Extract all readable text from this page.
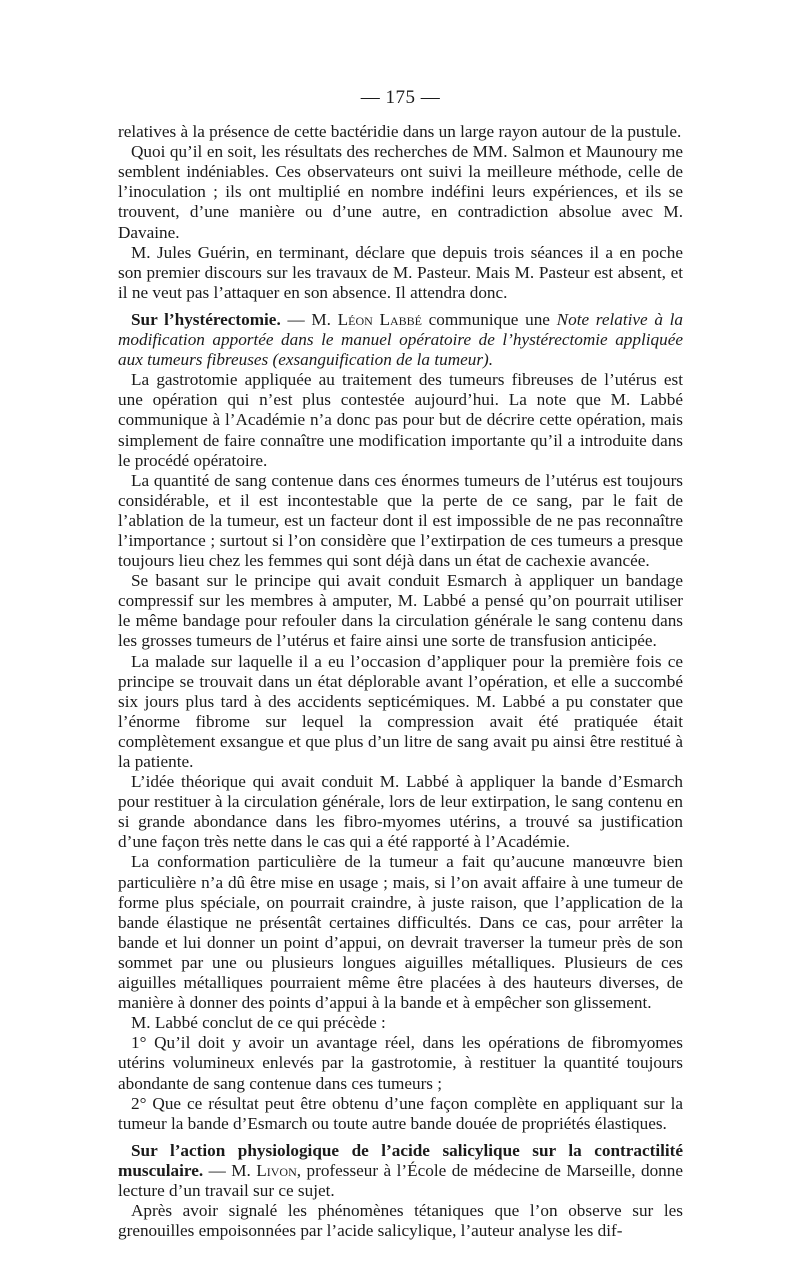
— 175 —

relatives à la présence de cette bactéridie dans un large rayon autour de la pustule.

Quoi qu’il en soit, les résultats des recherches de MM. Salmon et Maunoury me semblent indéniables. Ces observateurs ont suivi la meilleure méthode, celle de l’inoculation ; ils ont multiplié en nombre indéfini leurs expériences, et ils se trouvent, d’une manière ou d’une autre, en contradiction absolue avec M. Davaine.

M. Jules Guérin, en terminant, déclare que depuis trois séances il a en poche son premier discours sur les travaux de M. Pasteur. Mais M. Pasteur est absent, et il ne veut pas l’attaquer en son absence. Il attendra donc.

Sur l’hystérectomie. — M. Léon Labbé communique une Note relative à la modification apportée dans le manuel opératoire de l’hystérectomie appliquée aux tumeurs fibreuses (exsanguification de la tumeur).

La gastrotomie appliquée au traitement des tumeurs fibreuses de l’utérus est une opération qui n’est plus contestée aujourd’hui. La note que M. Labbé communique à l’Académie n’a donc pas pour but de décrire cette opération, mais simplement de faire connaître une modification importante qu’il a introduite dans le procédé opératoire.

La quantité de sang contenue dans ces énormes tumeurs de l’utérus est toujours considérable, et il est incontestable que la perte de ce sang, par le fait de l’ablation de la tumeur, est un facteur dont il est impossible de ne pas reconnaître l’importance ; surtout si l’on considère que l’extirpation de ces tumeurs a presque toujours lieu chez les femmes qui sont déjà dans un état de cachexie avancée.

Se basant sur le principe qui avait conduit Esmarch à appliquer un bandage compressif sur les membres à amputer, M. Labbé a pensé qu’on pourrait utiliser le même bandage pour refouler dans la circulation générale le sang contenu dans les grosses tumeurs de l’utérus et faire ainsi une sorte de transfusion anticipée.

La malade sur laquelle il a eu l’occasion d’appliquer pour la première fois ce principe se trouvait dans un état déplorable avant l’opération, et elle a succombé six jours plus tard à des accidents septicémiques. M. Labbé a pu constater que l’énorme fibrome sur lequel la compression avait été pratiquée était complètement exsangue et que plus d’un litre de sang avait pu ainsi être restitué à la patiente.

L’idée théorique qui avait conduit M. Labbé à appliquer la bande d’Esmarch pour restituer à la circulation générale, lors de leur extirpation, le sang contenu en si grande abondance dans les fibro-myomes utérins, a trouvé sa justification d’une façon très nette dans le cas qui a été rapporté à l’Académie.

La conformation particulière de la tumeur a fait qu’aucune manœuvre bien particulière n’a dû être mise en usage ; mais, si l’on avait affaire à une tumeur de forme plus spéciale, on pourrait craindre, à juste raison, que l’application de la bande élastique ne présentât certaines difficultés. Dans ce cas, pour arrêter la bande et lui donner un point d’appui, on devrait traverser la tumeur près de son sommet par une ou plusieurs longues aiguilles métalliques. Plusieurs de ces aiguilles métalliques pourraient même être placées à des hauteurs diverses, de manière à donner des points d’appui à la bande et à empêcher son glissement.

M. Labbé conclut de ce qui précède :

1° Qu’il doit y avoir un avantage réel, dans les opérations de fibromyomes utérins volumineux enlevés par la gastrotomie, à restituer la quantité toujours abondante de sang contenue dans ces tumeurs ;

2° Que ce résultat peut être obtenu d’une façon complète en appliquant sur la tumeur la bande d’Esmarch ou toute autre bande douée de propriétés élastiques.

Sur l’action physiologique de l’acide salicylique sur la contractilité musculaire. — M. Livon, professeur à l’École de médecine de Marseille, donne lecture d’un travail sur ce sujet.

Après avoir signalé les phénomènes tétaniques que l’on observe sur les grenouilles empoisonnées par l’acide salicylique, l’auteur analyse les dif-
